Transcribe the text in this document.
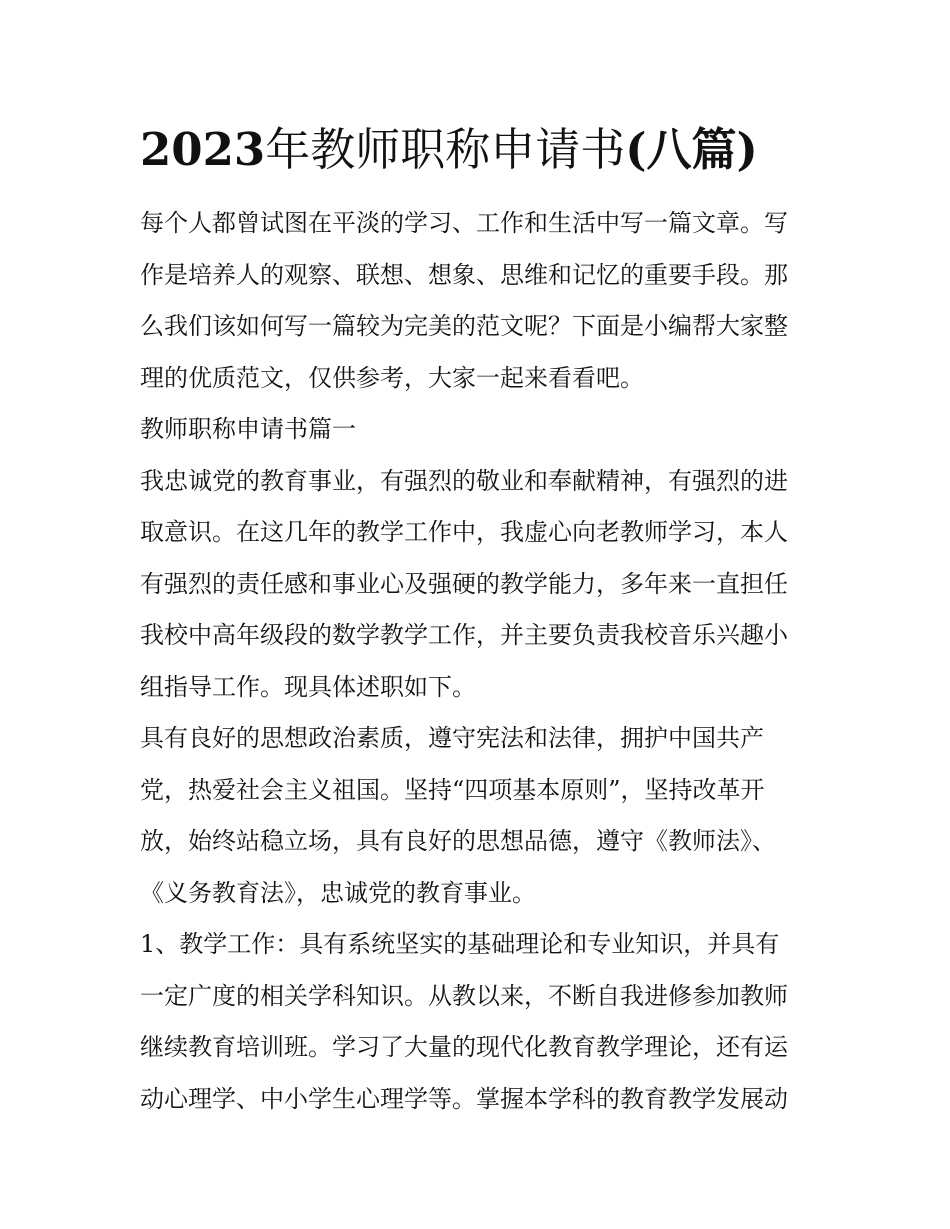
2023年教师职称申请书(八篇)
每个人都曾试图在平淡的学习、工作和生活中写一篇文章。写
作是培养人的观察、联想、想象、思维和记忆的重要手段。那
么我们该如何写一篇较为完美的范文呢？下面是小编帮大家整
理的优质范文，仅供参考，大家一起来看看吧。
教师职称申请书篇一
我忠诚党的教育事业，有强烈的敬业和奉献精神，有强烈的进
取意识。在这几年的教学工作中，我虚心向老教师学习，本人
有强烈的责任感和事业心及强硬的教学能力，多年来一直担任
我校中高年级段的数学教学工作，并主要负责我校音乐兴趣小
组指导工作。现具体述职如下。
具有良好的思想政治素质，遵守宪法和法律，拥护中国共产
党，热爱社会主义祖国。坚持“四项基本原则”，坚持改革开
放，始终站稳立场，具有良好的思想品德，遵守《教师法》、
《义务教育法》，忠诚党的教育事业。
1、教学工作：具有系统坚实的基础理论和专业知识，并具有
一定广度的相关学科知识。从教以来，不断自我进修参加教师
继续教育培训班。学习了大量的现代化教育教学理论，还有运
动心理学、中小学生心理学等。掌握本学科的教育教学发展动
